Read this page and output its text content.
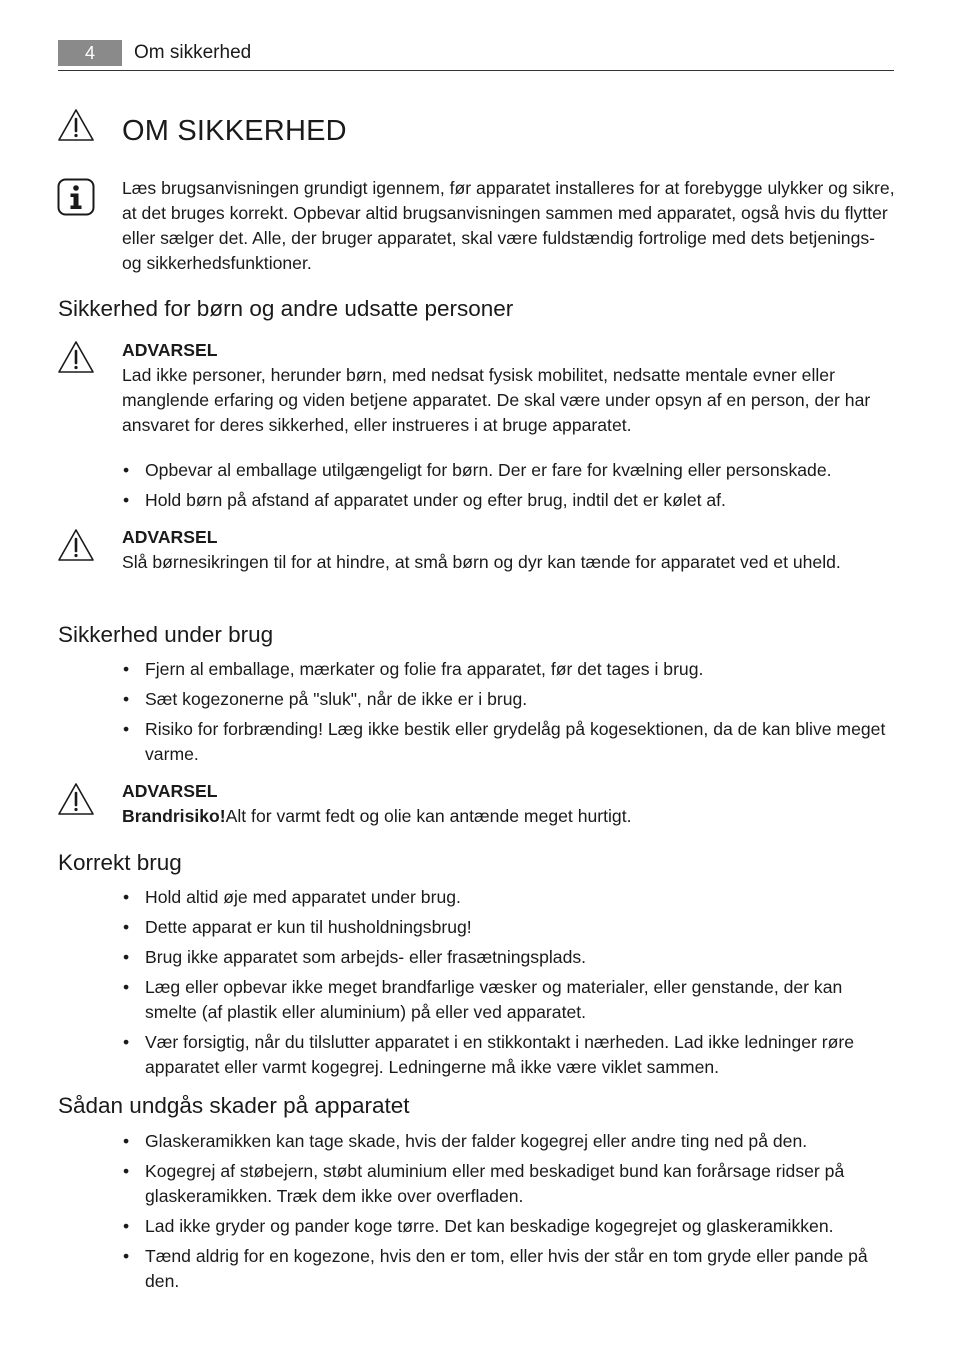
4	Om sikkerhed
OM SIKKERHED
Læs brugsanvisningen grundigt igennem, før apparatet installeres for at forebygge ulykker og sikre, at det bruges korrekt. Opbevar altid brugsanvisningen sammen med apparatet, også hvis du flytter eller sælger det. Alle, der bruger apparatet, skal være fuldstændig fortrolige med dets betjenings- og sikkerhedsfunktioner.
Sikkerhed for børn og andre udsatte personer
ADVARSEL
Lad ikke personer, herunder børn, med nedsat fysisk mobilitet, nedsatte mentale evner eller manglende erfaring og viden betjene apparatet. De skal være under opsyn af en person, der har ansvaret for deres sikkerhed, eller instrueres i at bruge apparatet.
• Opbevar al emballage utilgængeligt for børn. Der er fare for kvælning eller personskade.
• Hold børn på afstand af apparatet under og efter brug, indtil det er kølet af.
ADVARSEL
Slå børnesikringen til for at hindre, at små børn og dyr kan tænde for apparatet ved et uheld.
Sikkerhed under brug
• Fjern al emballage, mærkater og folie fra apparatet, før det tages i brug.
• Sæt kogezonerne på "sluk", når de ikke er i brug.
• Risiko for forbrænding! Læg ikke bestik eller grydelåg på kogesektionen, da de kan blive meget varme.
ADVARSEL
Brandrisiko!Alt for varmt fedt og olie kan antænde meget hurtigt.
Korrekt brug
• Hold altid øje med apparatet under brug.
• Dette apparat er kun til husholdningsbrug!
• Brug ikke apparatet som arbejds- eller frasætningsplads.
• Læg eller opbevar ikke meget brandfarlige væsker og materialer, eller genstande, der kan smelte (af plastik eller aluminium) på eller ved apparatet.
• Vær forsigtig, når du tilslutter apparatet i en stikkontakt i nærheden. Lad ikke ledninger røre apparatet eller varmt kogegrej. Ledningerne må ikke være viklet sammen.
Sådan undgås skader på apparatet
• Glaskeramikken kan tage skade, hvis der falder kogegrej eller andre ting ned på den.
• Kogegrej af støbejern, støbt aluminium eller med beskadiget bund kan forårsage ridser på glaskeramikken. Træk dem ikke over overfladen.
• Lad ikke gryder og pander koge tørre. Det kan beskadige kogegrejet og glaskeramikken.
• Tænd aldrig for en kogezone, hvis den er tom, eller hvis der står en tom gryde eller pande på den.
